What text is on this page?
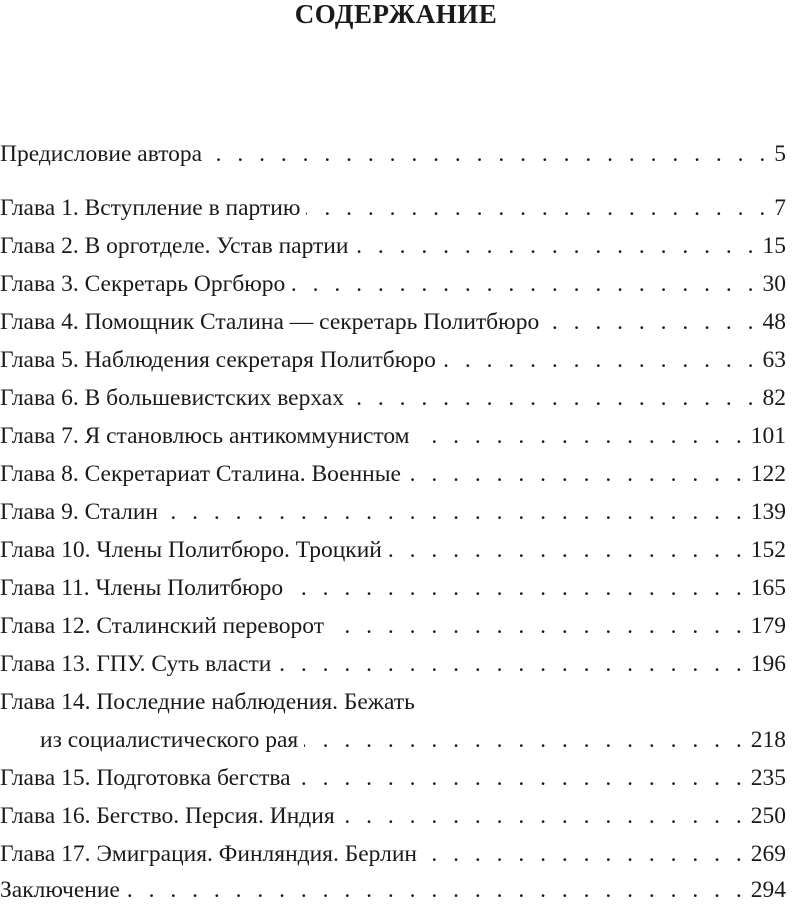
СОДЕРЖАНИЕ
Предисловие автора . . .	5
Глава 1. Вступление в партию . . .	7
Глава 2. В орготделе. Устав партии . . .	15
Глава 3. Секретарь Оргбюро . . .	30
Глава 4. Помощник Сталина — секретарь Политбюро . . .	48
Глава 5. Наблюдения секретаря Политбюро . . .	63
Глава 6. В большевистских верхах . . .	82
Глава 7. Я становлюсь антикоммунистом . . .	101
Глава 8. Секретариат Сталина. Военные . . .	122
Глава 9. Сталин . . .	139
Глава 10. Члены Политбюро. Троцкий . . .	152
Глава 11. Члены Политбюро . . .	165
Глава 12. Сталинский переворот . . .	179
Глава 13. ГПУ. Суть власти . . .	196
Глава 14. Последние наблюдения. Бежать
из социалистического рая . . .	218
Глава 15. Подготовка бегства . . .	235
Глава 16. Бегство. Персия. Индия . . .	250
Глава 17. Эмиграция. Финляндия. Берлин . . .	269
Заключение . . .	294
